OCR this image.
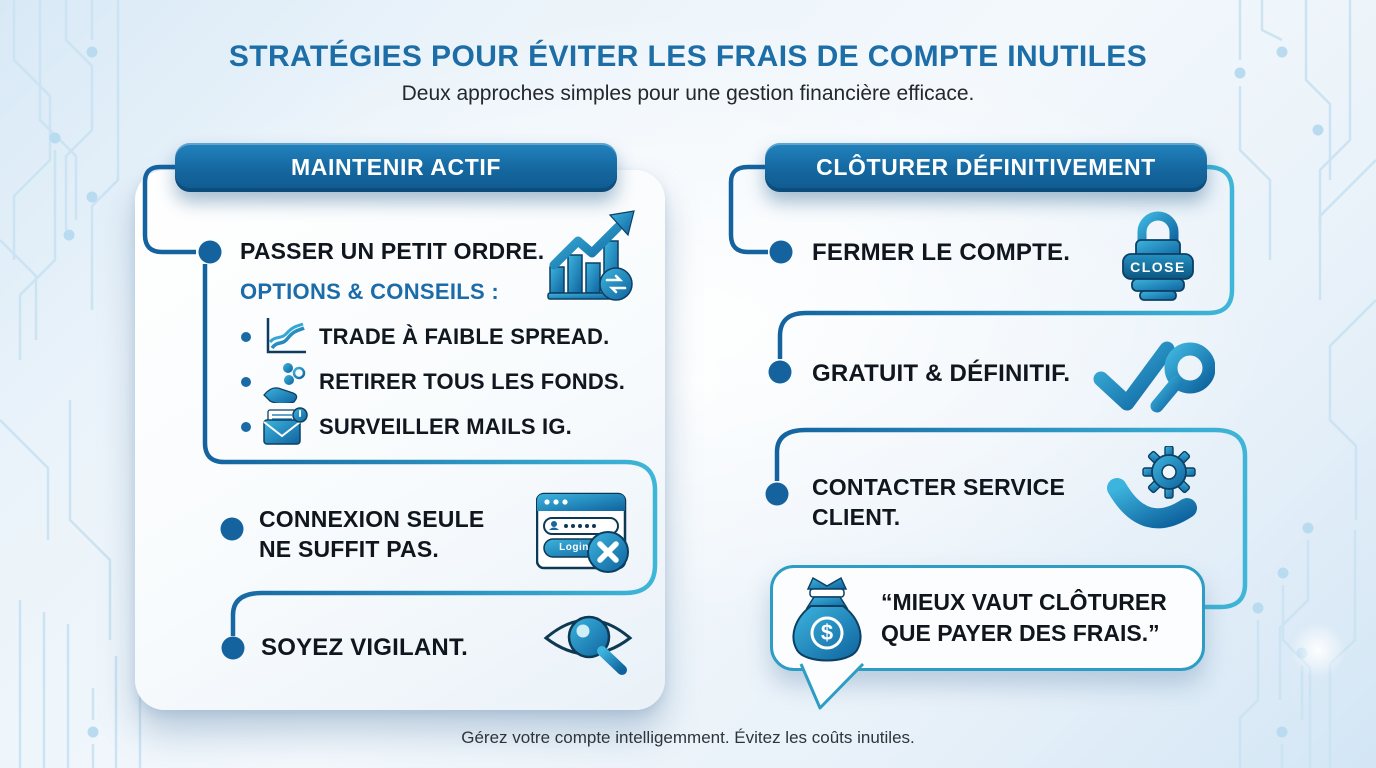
STRATÉGIES POUR ÉVITER LES FRAIS DE COMPTE INUTILES
Deux approches simples pour une gestion financière efficace.
MAINTENIR ACTIF
PASSER UN PETIT ORDRE.
OPTIONS & CONSEILS :
TRADE À FAIBLE SPREAD.
RETIRER TOUS LES FONDS.
SURVEILLER MAILS IG.
CONNEXION SEULE
NE SUFFIT PAS.	Login
SOYEZ VIGILANT.
CLÔTURER DÉFINITIVEMENT
FERMER LE COMPTE.
CLOSE
GRATUIT & DÉFINITIF.
CONTACTER SERVICE
CLIENT.
$
“MIEUX VAUT CLÔTURER
QUE PAYER DES FRAIS.”
Gérez votre compte intelligemment. Évitez les coûts inutiles.
